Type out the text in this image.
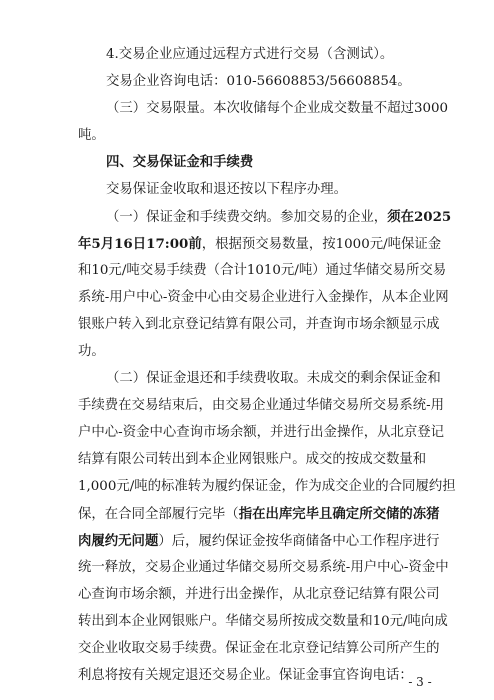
4.交易企业应通过远程方式进行交易（含测试）。
交易企业咨询电话：010-56608853/56608854。
（三）交易限量。本次收储每个企业成交数量不超过3000
吨。
四、交易保证金和手续费
交易保证金收取和退还按以下程序办理。
（一）保证金和手续费交纳。参加交易的企业，须在2025
年5月16日17:00前，根据预交易数量，按1000元/吨保证金
和10元/吨交易手续费（合计1010元/吨）通过华储交易所交易
系统-用户中心-资金中心由交易企业进行入金操作，从本企业网
银账户转入到北京登记结算有限公司，并查询市场余额显示成
功。
（二）保证金退还和手续费收取。未成交的剩余保证金和
手续费在交易结束后，由交易企业通过华储交易所交易系统-用
户中心-资金中心查询市场余额，并进行出金操作，从北京登记
结算有限公司转出到本企业网银账户。成交的按成交数量和
1,000元/吨的标准转为履约保证金，作为成交企业的合同履约担
保，在合同全部履行完毕（指在出库完毕且确定所交储的冻猪
肉履约无问题）后，履约保证金按华商储备中心工作程序进行
统一释放，交易企业通过华储交易所交易系统-用户中心-资金中
心查询市场余额，并进行出金操作，从北京登记结算有限公司
转出到本企业网银账户。华储交易所按成交数量和10元/吨向成
交企业收取交易手续费。保证金在北京登记结算公司所产生的
利息将按有关规定退还交易企业。保证金事宜咨询电话：
- 3 -
